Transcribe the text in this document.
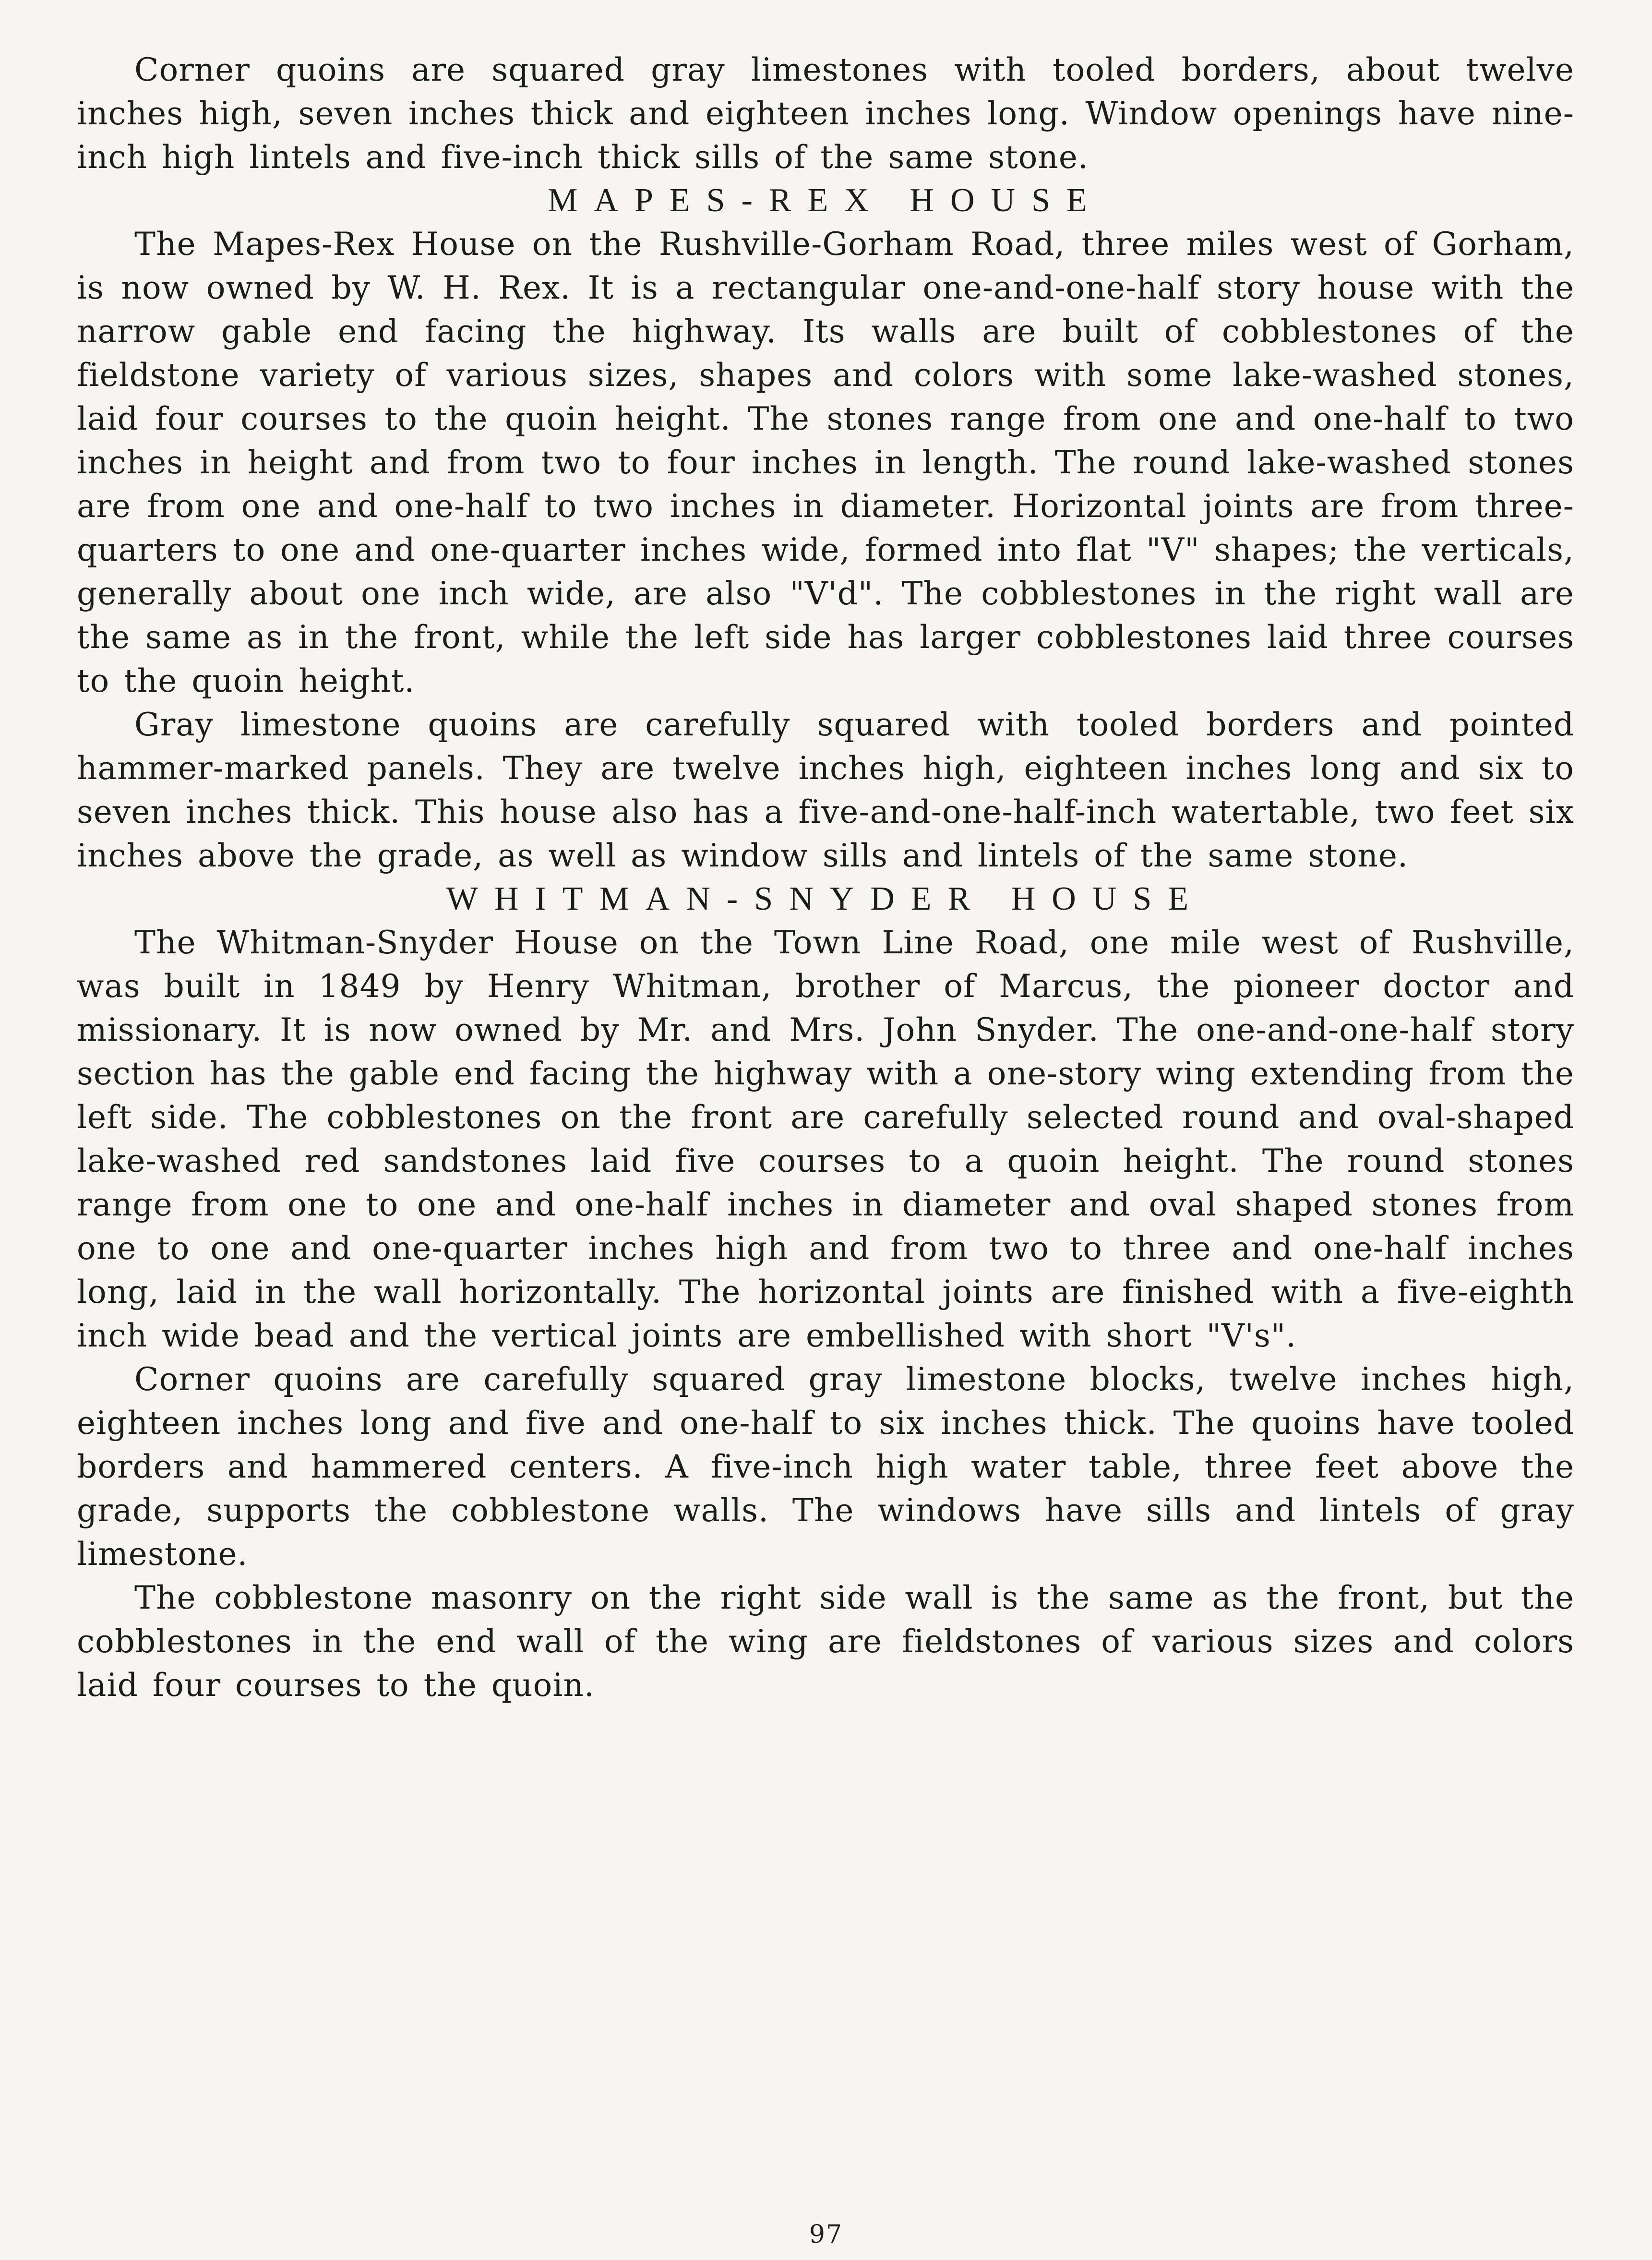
Corner quoins are squared gray limestones with tooled borders, about twelve inches high, seven inches thick and eighteen inches long. Window openings have nine-inch high lintels and five-inch thick sills of the same stone.

MAPES-REX HOUSE

The Mapes-Rex House on the Rushville-Gorham Road, three miles west of Gorham, is now owned by W. H. Rex. It is a rectangular one-and-one-half story house with the narrow gable end facing the highway. Its walls are built of cobblestones of the fieldstone variety of various sizes, shapes and colors with some lake-washed stones, laid four courses to the quoin height. The stones range from one and one-half to two inches in height and from two to four inches in length. The round lake-washed stones are from one and one-half to two inches in diameter. Horizontal joints are from three-quarters to one and one-quarter inches wide, formed into flat "V" shapes; the verticals, generally about one inch wide, are also "V'd". The cobblestones in the right wall are the same as in the front, while the left side has larger cobblestones laid three courses to the quoin height.

Gray limestone quoins are carefully squared with tooled borders and pointed hammer-marked panels. They are twelve inches high, eighteen inches long and six to seven inches thick. This house also has a five-and-one-half-inch watertable, two feet six inches above the grade, as well as window sills and lintels of the same stone.

WHITMAN-SNYDER HOUSE

The Whitman-Snyder House on the Town Line Road, one mile west of Rushville, was built in 1849 by Henry Whitman, brother of Marcus, the pioneer doctor and missionary. It is now owned by Mr. and Mrs. John Snyder. The one-and-one-half story section has the gable end facing the highway with a one-story wing extending from the left side. The cobblestones on the front are carefully selected round and oval-shaped lake-washed red sandstones laid five courses to a quoin height. The round stones range from one to one and one-half inches in diameter and oval shaped stones from one to one and one-quarter inches high and from two to three and one-half inches long, laid in the wall horizontally. The horizontal joints are finished with a five-eighth inch wide bead and the vertical joints are embellished with short "V's".

Corner quoins are carefully squared gray limestone blocks, twelve inches high, eighteen inches long and five and one-half to six inches thick. The quoins have tooled borders and hammered centers. A five-inch high water table, three feet above the grade, supports the cobblestone walls. The windows have sills and lintels of gray limestone.

The cobblestone masonry on the right side wall is the same as the front, but the cobblestones in the end wall of the wing are fieldstones of various sizes and colors laid four courses to the quoin.

97
